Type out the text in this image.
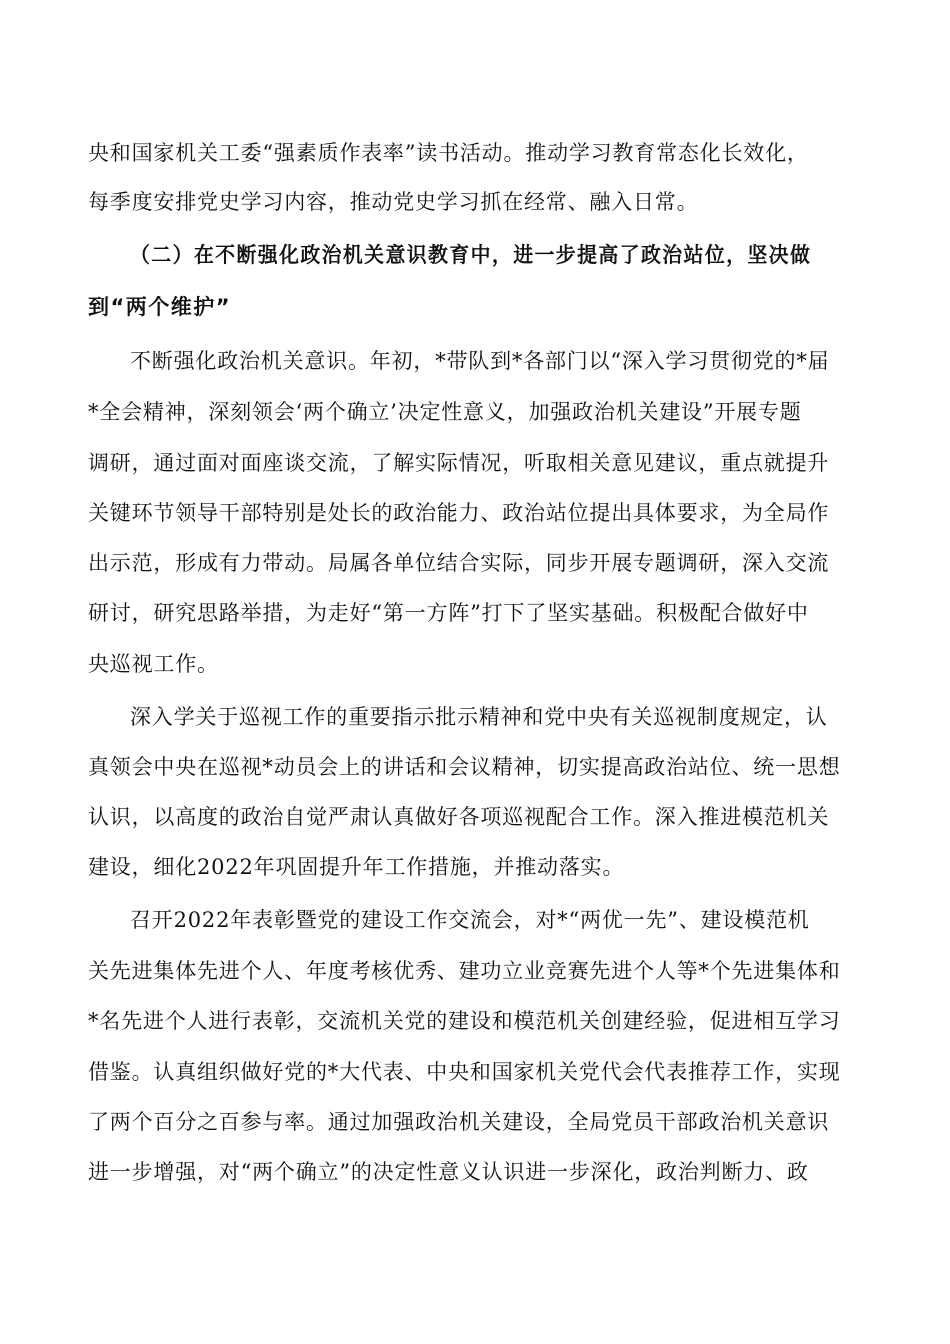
央和国家机关工委“强素质作表率”读书活动。推动学习教育常态化长效化，
每季度安排党史学习内容，推动党史学习抓在经常、融入日常。
（二）在不断强化政治机关意识教育中，进一步提高了政治站位，坚决做
到“两个维护”
不断强化政治机关意识。年初，*带队到*各部门以“深入学习贯彻党的*届
*全会精神，深刻领会‘两个确立’决定性意义，加强政治机关建设”开展专题
调研，通过面对面座谈交流，了解实际情况，听取相关意见建议，重点就提升
关键环节领导干部特别是处长的政治能力、政治站位提出具体要求，为全局作
出示范，形成有力带动。局属各单位结合实际，同步开展专题调研，深入交流
研讨，研究思路举措，为走好“第一方阵”打下了坚实基础。积极配合做好中
央巡视工作。
深入学关于巡视工作的重要指示批示精神和党中央有关巡视制度规定，认
真领会中央在巡视*动员会上的讲话和会议精神，切实提高政治站位、统一思想
认识，以高度的政治自觉严肃认真做好各项巡视配合工作。深入推进模范机关
建设，细化2022年巩固提升年工作措施，并推动落实。
召开2022年表彰暨党的建设工作交流会，对*“两优一先”、建设模范机
关先进集体先进个人、年度考核优秀、建功立业竞赛先进个人等*个先进集体和
*名先进个人进行表彰，交流机关党的建设和模范机关创建经验，促进相互学习
借鉴。认真组织做好党的*大代表、中央和国家机关党代会代表推荐工作，实现
了两个百分之百参与率。通过加强政治机关建设，全局党员干部政治机关意识
进一步增强，对“两个确立”的决定性意义认识进一步深化，政治判断力、政
